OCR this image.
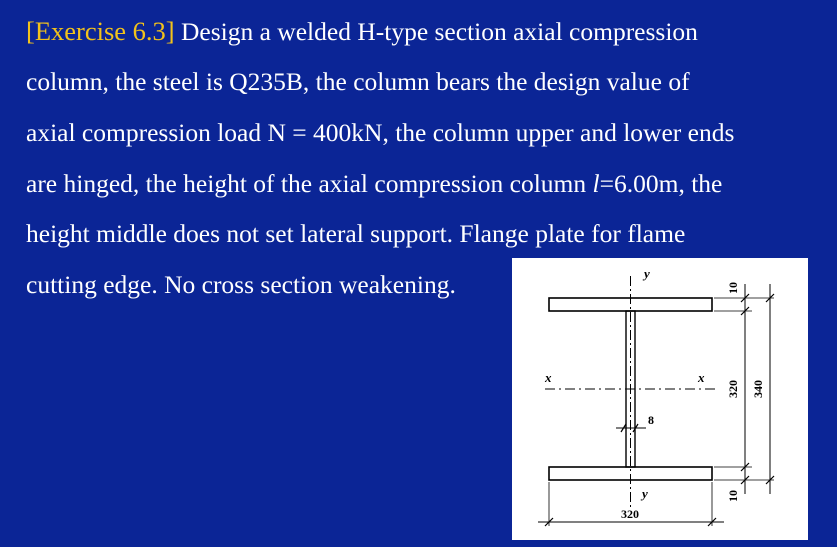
[Exercise 6.3] Design a welded H-type section axial compression
column, the steel is Q235B, the column bears the design value of
axial compression load N = 400kN, the column upper and lower ends
are hinged, the height of the axial compression column l=6.00m, the
height middle does not set lateral support. Flange plate for flame
cutting edge. No cross section weakening.	y
y
x	x
8
10
320
10
340
320
